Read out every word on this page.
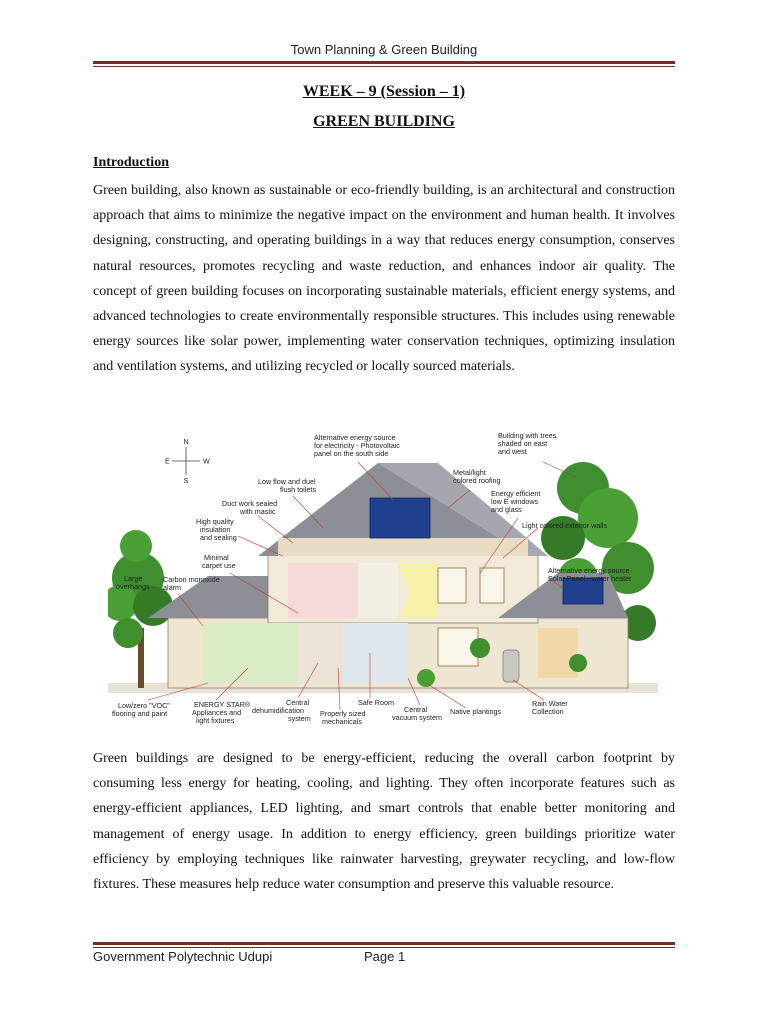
Town Planning & Green Building
WEEK – 9 (Session – 1)
GREEN BUILDING
Introduction

Green building, also known as sustainable or eco-friendly building, is an architectural and construction approach that aims to minimize the negative impact on the environment and human health. It involves designing, constructing, and operating buildings in a way that reduces energy consumption, conserves natural resources, promotes recycling and waste reduction, and enhances indoor air quality. The concept of green building focuses on incorporating sustainable materials, efficient energy systems, and advanced technologies to create environmentally responsible structures. This includes using renewable energy sources like solar power, implementing water conservation techniques, optimizing insulation and ventilation systems, and utilizing recycled or locally sourced materials.

N
S
E	W
Alternative energy source for electricity - Photovoltaic panel on the south side
Building with trees shaded on east and west
Low flow and duel flush toilets
Metal/light colored roofing
Duct work sealed with mastic
Energy efficient low E windows and glass
High quality insulation and sealing
Light colored exterior walls
Minimal carpet use
Large overhangs
Carbon monoxide alarm
Alternative energy source Solar Panel - water heater
Low/zero "VOC" flooring and paint
ENERGY STAR® Appliances and light fixtures
Central dehumidification system
Properly sized mechanicals
Safe Room
Central vacuum system
Native plantings
Rain Water Collection

Green buildings are designed to be energy-efficient, reducing the overall carbon footprint by consuming less energy for heating, cooling, and lighting. They often incorporate features such as energy-efficient appliances, LED lighting, and smart controls that enable better monitoring and management of energy usage. In addition to energy efficiency, green buildings prioritize water efficiency by employing techniques like rainwater harvesting, greywater recycling, and low-flow fixtures. These measures help reduce water consumption and preserve this valuable resource.

Government Polytechnic Udupi	Page 1
